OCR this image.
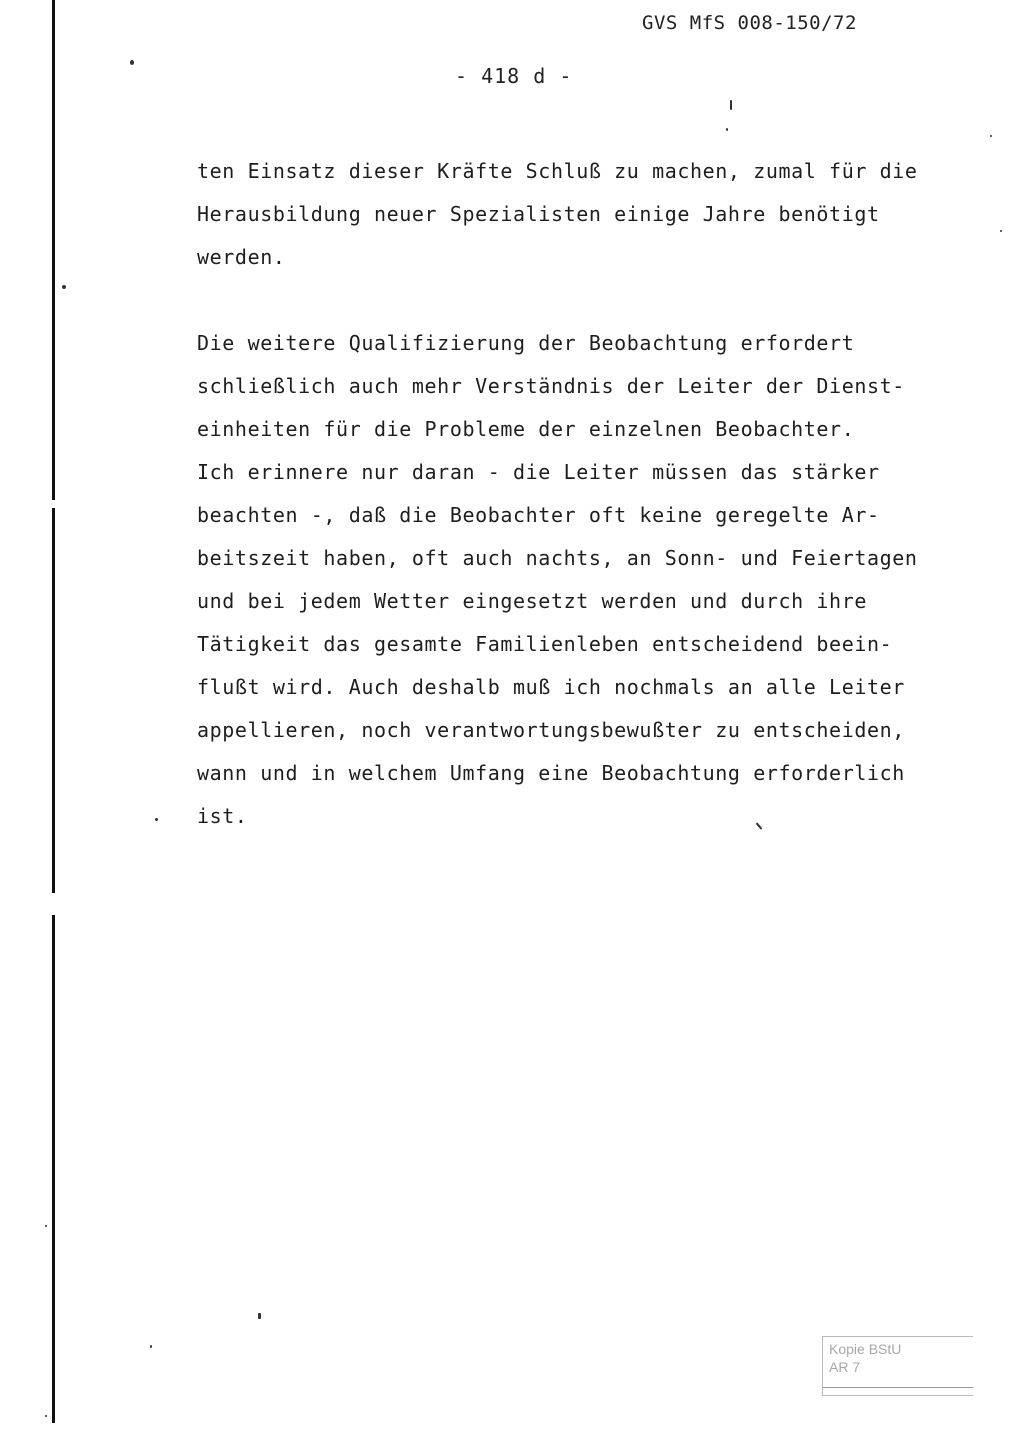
GVS MfS 008-150/72
- 418 d -
ten Einsatz dieser Kräfte Schluß zu machen, zumal für die
Herausbildung neuer Spezialisten einige Jahre benötigt
werden.
Die weitere Qualifizierung der Beobachtung erfordert
schließlich auch mehr Verständnis der Leiter der Dienst-
einheiten für die Probleme der einzelnen Beobachter.
Ich erinnere nur daran - die Leiter müssen das stärker
beachten -, daß die Beobachter oft keine geregelte Ar-
beitszeit haben, oft auch nachts, an Sonn- und Feiertagen
und bei jedem Wetter eingesetzt werden und durch ihre
Tätigkeit das gesamte Familienleben entscheidend beein-
flußt wird. Auch deshalb muß ich nochmals an alle Leiter
appellieren, noch verantwortungsbewußter zu entscheiden,
wann und in welchem Umfang eine Beobachtung erforderlich
ist.
Kopie BStU
AR 7
